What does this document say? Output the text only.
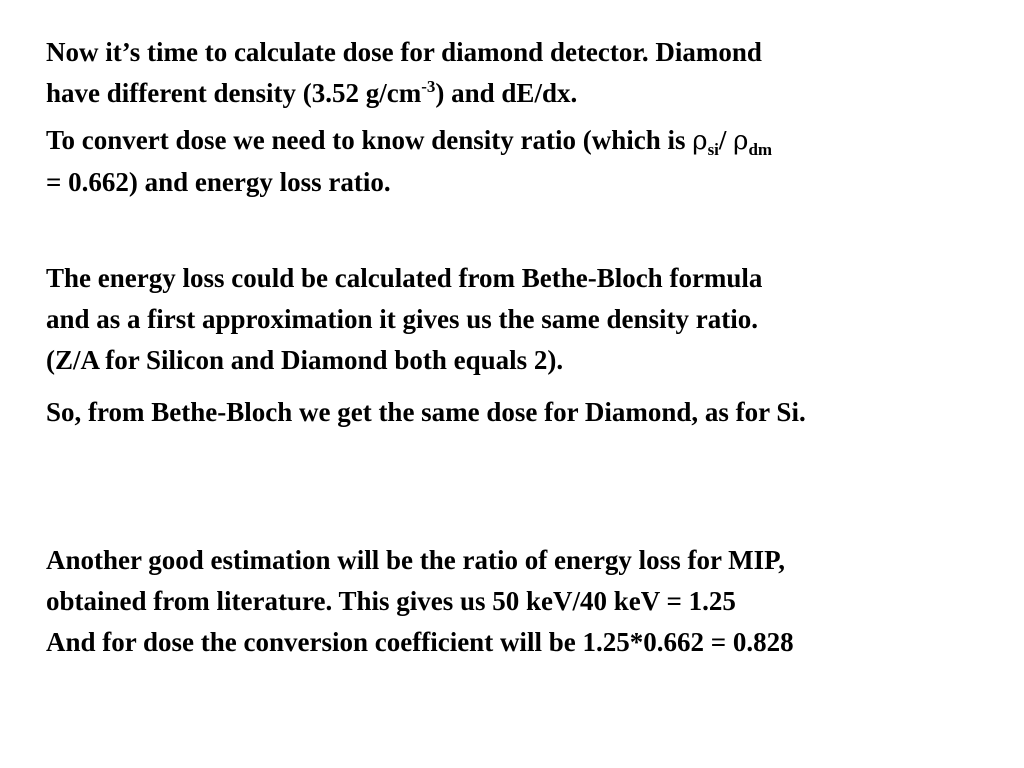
Now it’s time to calculate dose for diamond detector. Diamond
have different density (3.52 $g/cm^{-3}$) and dE/dx.

To convert dose we need to know density ratio (which is $\rho_{si}/$ $\rho_{dm}$
= 0.662) and energy loss ratio.

The energy loss could be calculated from Bethe-Bloch formula
and as a first approximation it gives us the same density ratio.
(Z/A for Silicon and Diamond both equals 2).

So, from Bethe-Bloch we get the same dose for Diamond, as for Si.

Another good estimation will be the ratio of energy loss for MIP,
obtained from literature. This gives us 50 keV/40 keV = 1.25
And for dose the conversion coefficient will be 1.25*0.662 = 0.828
